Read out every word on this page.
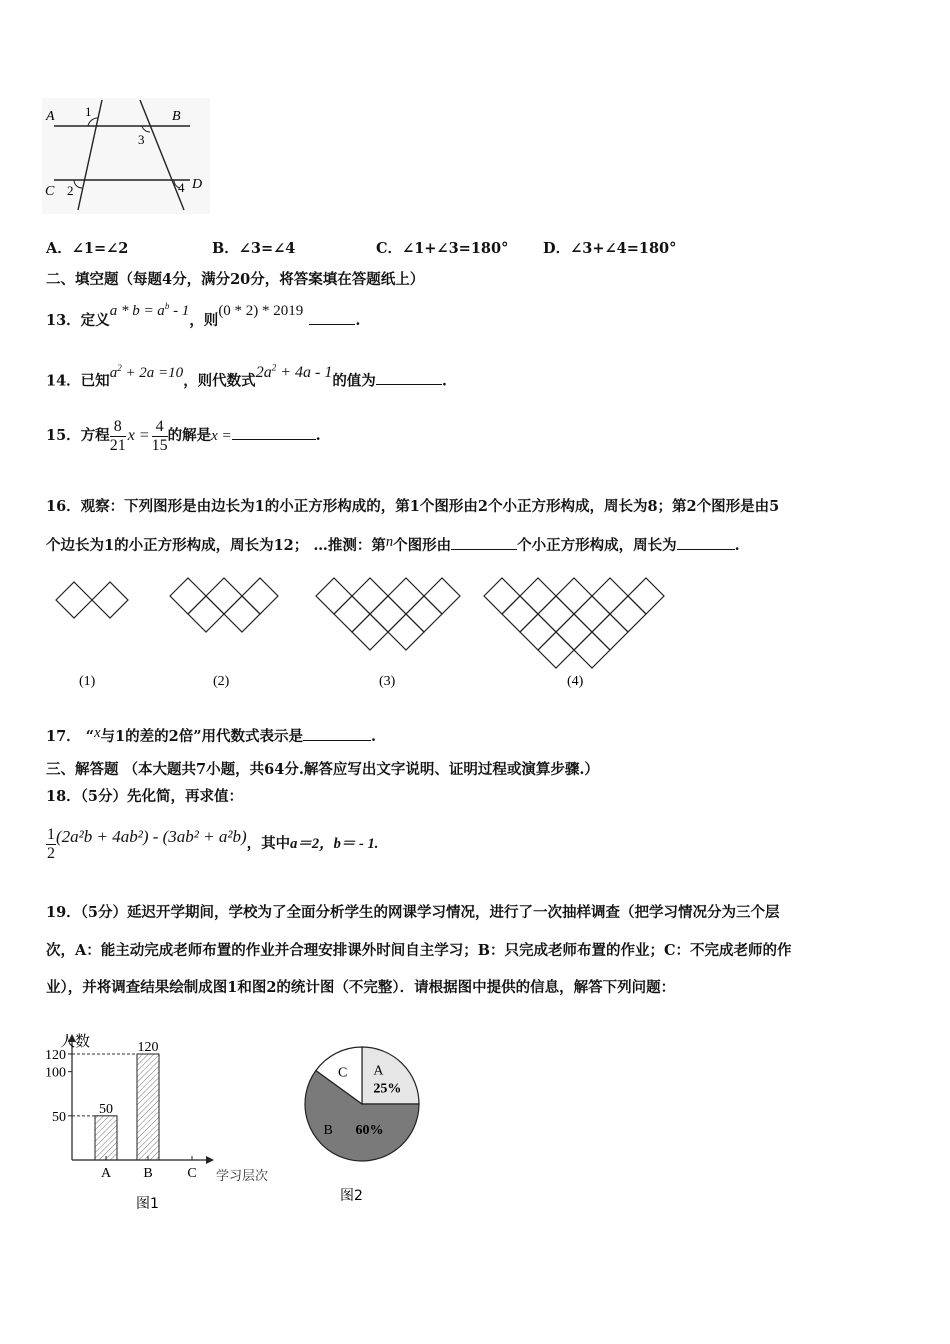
A 1	B
3
C 2	4 D
A．∠1=∠2	B．∠3=∠4	C．∠1+∠3=180° D．∠3+∠4=180°
二、填空题（每题4分，满分20分，将答案填在答题纸上）
13．定义$a * b = a^b - 1$，则(0 * 2) * 2019.
14．已知$a^2 + 2a =10$，则代数式$2a^2 + 4a - 1$的值为	.
15．方程 $\frac{8}{21}$ $x = \frac{4}{15}$ 的解是x =	.
16．观察：下列图形是由边长为1的小正方形构成的，第1个图形由2个小正方形构成，周长为8；第2个图形是由5
个边长为1的小正方形构成，周长为12； …推测：第n个图形由	个小正方形构成，周长为	.
(1)	(2)	(3)	(4)
17． “x与1的差的2倍”用代数式表示是	.
三、解答题 （本大题共7小题，共64分.解答应写出文字说明、证明过程或演算步骤.）
18．（5分）先化简，再求值：
$\frac{1}{2} (2a^2b + 4ab^2) - (3ab^2 + a^2b)$，其中a＝2，b＝ - 1.
19．（5分）延迟开学期间，学校为了全面分析学生的网课学习情况，进行了一次抽样调查（把学习情况分为三个层
次，A：能主动完成老师布置的作业并合理安排课外时间自主学习；B：只完成老师布置的作业；C：不完成老师的作
业），并将调查结果绘制成图1和图2的统计图（不完整）．请根据图中提供的信息，解答下列问题：
50
100
120
50
A
120
B C
人数
学习层次
图1
A
25%
B 60%
C
图2
